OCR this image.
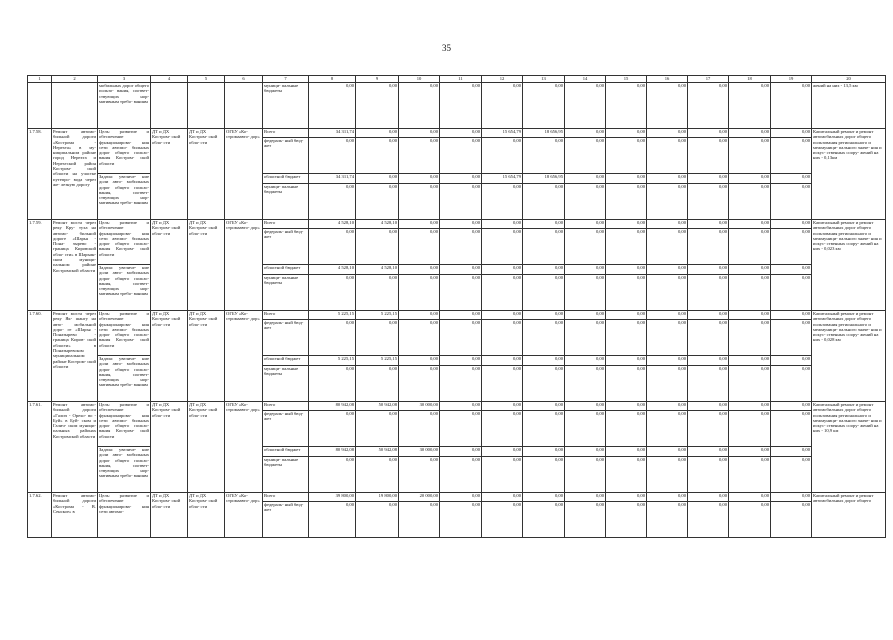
35
1	2	3	4	5	6	7	8	9	10	11	12	13	14	15	16	17	18	19	20
		мобильных дорог общего пользо- вания, соответ- ствующих нор- мативным требо- ваниям				муници- пальные бюджеты	0,00	0,00	0,00	0,00	0,00	0,00	0,00	0,00	0,00	0,00	0,00	0,00	жений на них - 13,5 км
1.7.58.	Ремонт автомо- бильной дороги «Кострома - Нерехта» в му- ниципальном районе город Нерехта и Нерехтский район Костром- ской области на участке путепро- вода через же- лезную дорогу	Цель: развитие и обеспечение функционирова- ния сети автомо- бильных дорог общего пользо- вания Костром- ской области	ДТ и ДХ Костром- ской обла- сти	ДТ и ДХ Костром- ской обла- сти	ОГБУ «Ко- стромаавто- дор»	Всего	34 311,74	0,00	0,00	0,00	15 654,79	18 656,95	0,00	0,00	0,00	0,00	0,00	0,00	Капитальный ремонт и ремонт автомобильных дорог общего пользования регионального и межмуници- пального значе- ния и искус- ственных соору- жений на них - 0,13км
						федераль- ный бюд- жет	0,00	0,00	0,00	0,00	0,00	0,00	0,00	0,00	0,00	0,00	0,00	0,00	
		Задача: увеличе- ние доли авто- мобильных дорог общего пользо- вания, соответ- ствующих нор- мативным требо- ваниям				областной бюджет	34 311,74	0,00	0,00	0,00	15 654,79	18 656,95	0,00	0,00	0,00	0,00	0,00	0,00	
						муници- пальные бюджеты	0,00	0,00	0,00	0,00	0,00	0,00	0,00	0,00	0,00	0,00	0,00	0,00	
1.7.59.	Ремонт моста через реку Кру- туха на автомо- бильной дороге «Шарья - Пона- зырево - граница Кировской обла- сти» в Шарьин- ском муници- пальном районе Костромской области	Цель: развитие и обеспечение функционирова- ния сети автомо- бильных дорог общего пользо- вания Костром- ской области	ДТ и ДХ Костром- ской обла- сти	ДТ и ДХ Костром- ской обла- сти	ОГБУ «Ко- стромаавто- дор»	Всего	4 528,10	4 528,10	0,00	0,00	0,00	0,00	0,00	0,00	0,00	0,00	0,00	0,00	Капитальный ремонт и ремонт автомобильных дорог общего пользования регионального и межмуници- пального значе- ния и искус- ственных соору- жений на них - 0,023 км
						федераль- ный бюд- жет	0,00	0,00	0,00	0,00	0,00	0,00	0,00	0,00	0,00	0,00	0,00	0,00	
		Задача: увеличе- ние доли авто- мобильных дорог общего пользо- вания, соответ- ствующих нор- мативным требо- ваниям				областной бюджет	4 528,10	4 528,10	0,00	0,00	0,00	0,00	0,00	0,00	0,00	0,00	0,00	0,00	
						муници- пальные бюджеты	0,00	0,00	0,00	0,00	0,00	0,00	0,00	0,00	0,00	0,00	0,00	0,00	
1.7.60.	Ремонт моста через реку Як- шангу на авто- мобильной доро- ге «Шарья - Поназырево - граница Киров- ской области» в Поназыревском муниципальном районе Костром- ской области	Цель: развитие и обеспечение функционирова- ния сети автомо- бильных дорог общего пользо- вания Костром- ской области	ДТ и ДХ Костром- ской обла- сти	ДТ и ДХ Костром- ской обла- сти	ОГБУ «Ко- стромаавто- дор»	Всего	5 225,15	5 225,15	0,00	0,00	0,00	0,00	0,00	0,00	0,00	0,00	0,00	0,00	Капитальный ремонт и ремонт автомобильных дорог общего пользования регионального и межмуници- пального значе- ния и искус- ственных соору- жений на них - 0,028 км
						федераль- ный бюд- жет	0,00	0,00	0,00	0,00	0,00	0,00	0,00	0,00	0,00	0,00	0,00	0,00	
		Задача: увеличе- ние доли авто- мобильных дорог общего пользо- вания, соответ- ствующих нор- мативным требо- ваниям				областной бюджет	5 225,15	5 225,15	0,00	0,00	0,00	0,00	0,00	0,00	0,00	0,00	0,00	0,00	
						муници- пальные бюджеты	0,00	0,00	0,00	0,00	0,00	0,00	0,00	0,00	0,00	0,00	0,00	0,00	
1.7.61.	Ремонт автомо- бильной дороги «Галич - Орехо- во - Буй» в Буй- ском и Галич- ском муници- пальных районах Костромской области	Цель: развитие и обеспечение функционирова- ния сети автомо- бильных дорог общего пользо- вания Костром- ской области	ДТ и ДХ Костром- ской обла- сти	ДТ и ДХ Костром- ской обла- сти	ОГБУ «Ко- стромаавто- дор»	Всего	80 942,08	50 942,08	30 000,00	0,00	0,00	0,00	0,00	0,00	0,00	0,00	0,00	0,00	Капитальный ремонт и ремонт автомобильных дорог общего пользования регионального и межмуници- пального значе- ния и искус- ственных соору- жений на них - 10,9 км
						федераль- ный бюд- жет	0,00	0,00	0,00	0,00	0,00	0,00	0,00	0,00	0,00	0,00	0,00	0,00	
		Задача: увеличе- ние доли авто- мобильных дорог общего пользо- вания, соответ- ствующих нор- мативным требо- ваниям				областной бюджет	80 942,08	50 942,08	30 000,00	0,00	0,00	0,00	0,00	0,00	0,00	0,00	0,00	0,00	
						муници- пальные бюджеты	0,00	0,00	0,00	0,00	0,00	0,00	0,00	0,00	0,00	0,00	0,00	0,00	
1.7.62.	Ремонт автомо- бильной дороги «Кострома - В. Сенское» в	Цель: развитие и обеспечение функционирова- ния сети автомо-	ДТ и ДХ Костром- ской обла- сти	ДТ и ДХ Костром- ской обла- сти	ОГБУ «Ко- стромаавто- дор»	Всего	39 800,00	19 800,00	20 000,00	0,00	0,00	0,00	0,00	0,00	0,00	0,00	0,00	0,00	Капитальный ремонт и ремонт автомобильных дорог общего
						федераль- ный бюд- жет	0,00	0,00	0,00	0,00	0,00	0,00	0,00	0,00	0,00	0,00	0,00	0,00	
